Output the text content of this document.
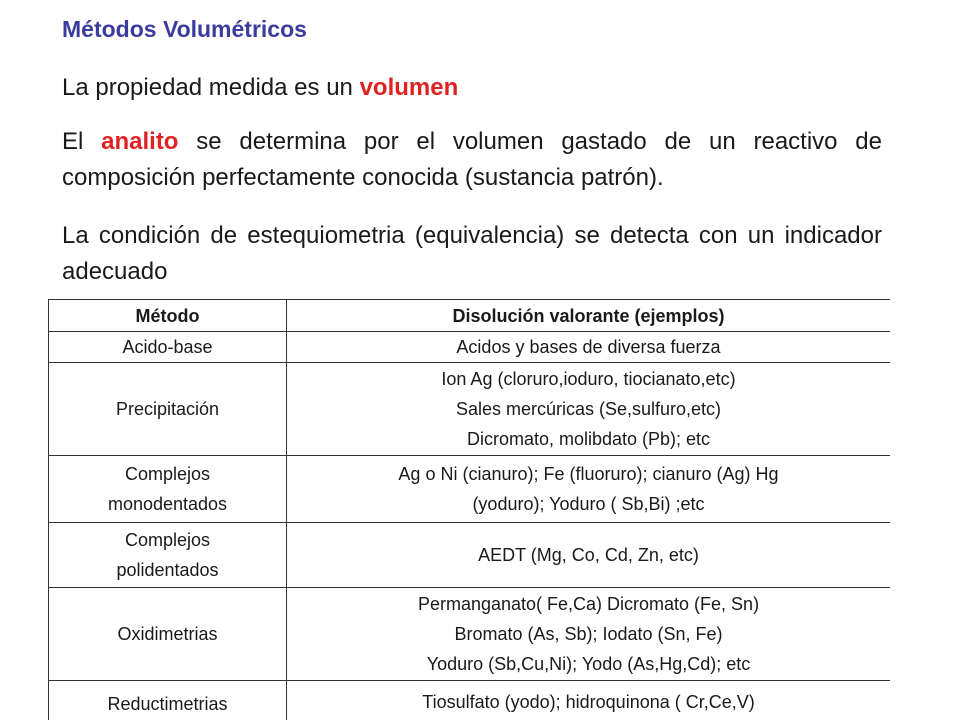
Métodos Volumétricos
La propiedad medida es un volumen
El analito se determina por el volumen gastado de un reactivo de composición perfectamente conocida (sustancia patrón).
La condición de estequiometria (equivalencia) se detecta con un indicador adecuado
Método	Disolución valorante (ejemplos)

Acido-base	Acidos y bases de diversa fuerza

Precipitación	Ion Ag (cloruro,ioduro, tiocianato,etc)
Sales mercúricas (Se,sulfuro,etc)
Dicromato, molibdato (Pb); etc

Complejos
monodentados	Ag o Ni (cianuro); Fe (fluoruro); cianuro (Ag) Hg
(yoduro); Yoduro ( Sb,Bi) ;etc

Complejos
polidentados	AEDT (Mg, Co, Cd, Zn, etc)

Oxidimetrias	Permanganato( Fe,Ca) Dicromato (Fe, Sn)
Bromato (As, Sb); Iodato (Sn, Fe)
Yoduro (Sb,Cu,Ni); Yodo (As,Hg,Cd); etc

Reductimetrias	Tiosulfato (yodo); hidroquinona ( Cr,Ce,V)
